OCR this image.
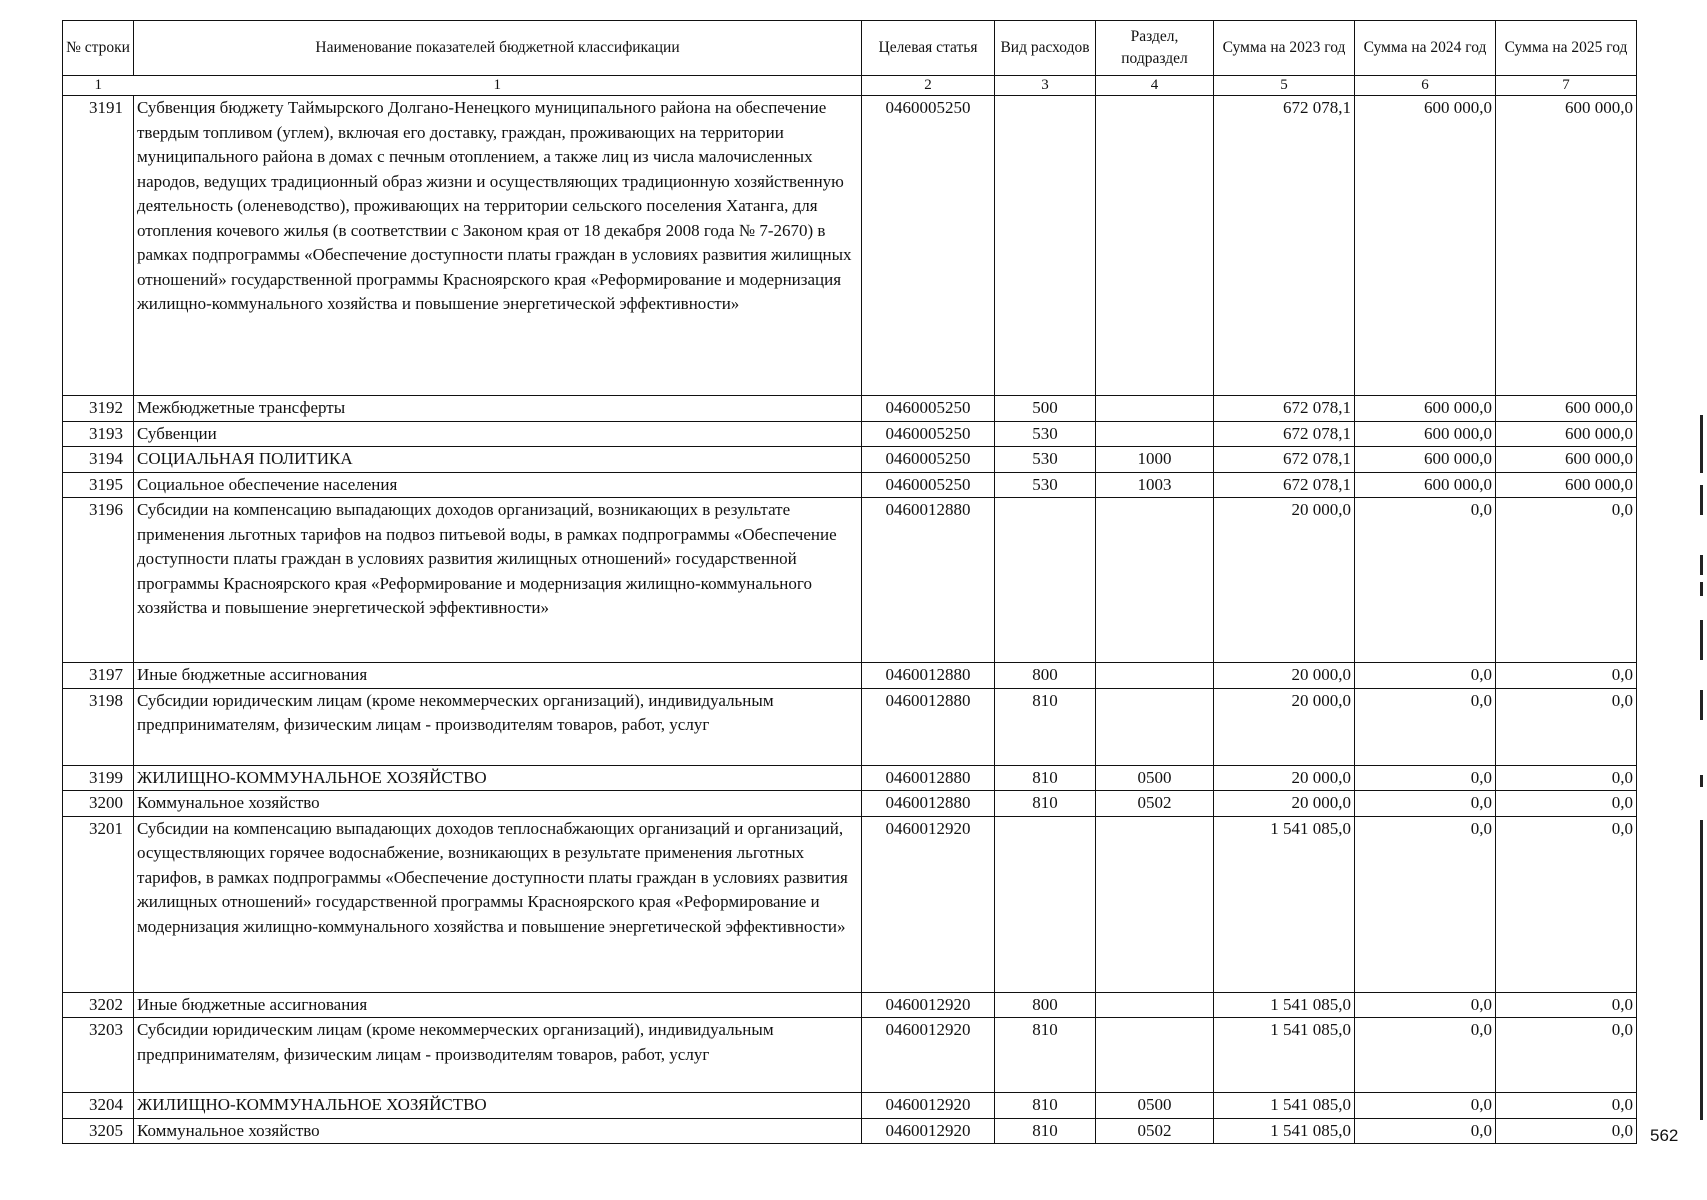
№ строки	Наименование показателей бюджетной классификации	Целевая статья	Вид расходов	Раздел, подраздел	Сумма на 2023 год	Сумма на 2024 год	Сумма на 2025 год
1	1	2	3	4	5	6	7
3191	Субвенция бюджету Таймырского Долгано-Ненецкого муниципального района на обеспечение твердым топливом (углем), включая его доставку, граждан, проживающих на территории муниципального района в домах с печным отоплением, а также лиц из числа малочисленных народов, ведущих традиционный образ жизни и осуществляющих традиционную хозяйственную деятельность (оленеводство), проживающих на территории сельского поселения Хатанга, для отопления кочевого жилья (в соответствии с Законом края от 18 декабря 2008 года № 7-2670) в рамках подпрограммы «Обеспечение доступности платы граждан в условиях развития жилищных отношений» государственной программы Красноярского края «Реформирование и модернизация жилищно-коммунального хозяйства и повышение энергетической эффективности»	0460005250			672 078,1	600 000,0	600 000,0
3192	Межбюджетные трансферты	0460005250	500		672 078,1	600 000,0	600 000,0
3193	Субвенции	0460005250	530		672 078,1	600 000,0	600 000,0
3194	СОЦИАЛЬНАЯ ПОЛИТИКА	0460005250	530	1000	672 078,1	600 000,0	600 000,0
3195	Социальное обеспечение населения	0460005250	530	1003	672 078,1	600 000,0	600 000,0
3196	Субсидии на компенсацию выпадающих доходов организаций, возникающих в результате применения льготных тарифов на подвоз питьевой воды, в рамках подпрограммы «Обеспечение доступности платы граждан в условиях развития жилищных отношений» государственной программы Красноярского края «Реформирование и модернизация жилищно-коммунального хозяйства и повышение энергетической эффективности»	0460012880			20 000,0	0,0	0,0
3197	Иные бюджетные ассигнования	0460012880	800		20 000,0	0,0	0,0
3198	Субсидии юридическим лицам (кроме некоммерческих организаций), индивидуальным предпринимателям, физическим лицам - производителям товаров, работ, услуг	0460012880	810		20 000,0	0,0	0,0
3199	ЖИЛИЩНО-КОММУНАЛЬНОЕ ХОЗЯЙСТВО	0460012880	810	0500	20 000,0	0,0	0,0
3200	Коммунальное хозяйство	0460012880	810	0502	20 000,0	0,0	0,0
3201	Субсидии на компенсацию выпадающих доходов теплоснабжающих организаций и организаций, осуществляющих горячее водоснабжение, возникающих в результате применения льготных тарифов, в рамках подпрограммы «Обеспечение доступности платы граждан в условиях развития жилищных отношений» государственной программы Красноярского края «Реформирование и модернизация жилищно-коммунального хозяйства и повышение энергетической эффективности»	0460012920			1 541 085,0	0,0	0,0
3202	Иные бюджетные ассигнования	0460012920	800		1 541 085,0	0,0	0,0
3203	Субсидии юридическим лицам (кроме некоммерческих организаций), индивидуальным предпринимателям, физическим лицам - производителям товаров, работ, услуг	0460012920	810		1 541 085,0	0,0	0,0
3204	ЖИЛИЩНО-КОММУНАЛЬНОЕ ХОЗЯЙСТВО	0460012920	810	0500	1 541 085,0	0,0	0,0
3205	Коммунальное хозяйство	0460012920	810	0502	1 541 085,0	0,0	0,0 562
